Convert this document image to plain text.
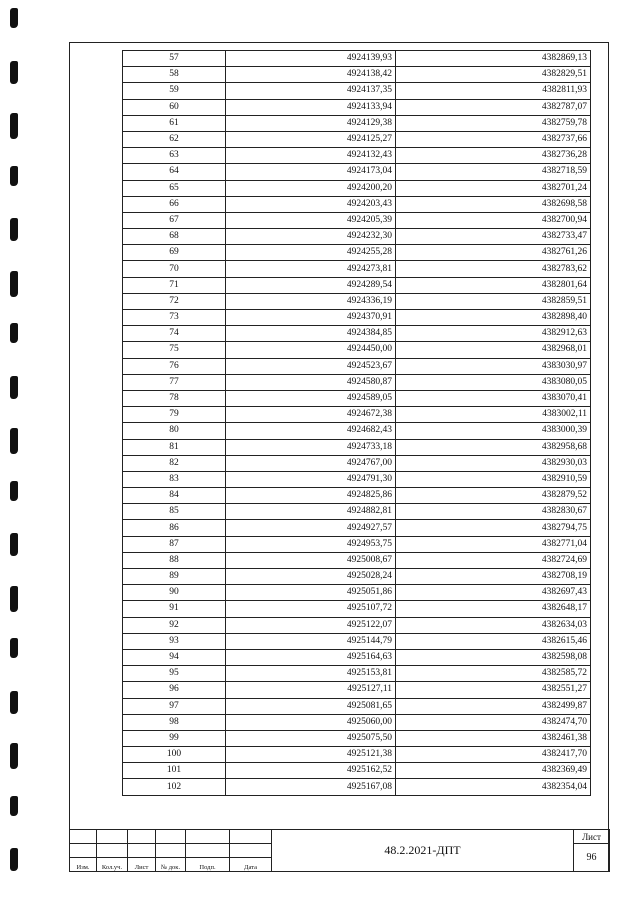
57	4924139,93	4382869,13
58	4924138,42	4382829,51
59	4924137,35	4382811,93
60	4924133,94	4382787,07
61	4924129,38	4382759,78
62	4924125,27	4382737,66
63	4924132,43	4382736,28
64	4924173,04	4382718,59
65	4924200,20	4382701,24
66	4924203,43	4382698,58
67	4924205,39	4382700,94
68	4924232,30	4382733,47
69	4924255,28	4382761,26
70	4924273,81	4382783,62
71	4924289,54	4382801,64
72	4924336,19	4382859,51
73	4924370,91	4382898,40
74	4924384,85	4382912,63
75	4924450,00	4382968,01
76	4924523,67	4383030,97
77	4924580,87	4383080,05
78	4924589,05	4383070,41
79	4924672,38	4383002,11
80	4924682,43	4383000,39
81	4924733,18	4382958,68
82	4924767,00	4382930,03
83	4924791,30	4382910,59
84	4924825,86	4382879,52
85	4924882,81	4382830,67
86	4924927,57	4382794,75
87	4924953,75	4382771,04
88	4925008,67	4382724,69
89	4925028,24	4382708,19
90	4925051,86	4382697,43
91	4925107,72	4382648,17
92	4925122,07	4382634,03
93	4925144,79	4382615,46
94	4925164,63	4382598,08
95	4925153,81	4382585,72
96	4925127,11	4382551,27
97	4925081,65	4382499,87
98	4925060,00	4382474,70
99	4925075,50	4382461,38
100	4925121,38	4382417,70
101	4925162,52	4382369,49
102	4925167,08	4382354,04
						48.2.2021-ДПТ	Лист
							96
Изм.	Кол.уч.	Лист	№ док.	Подп.	Дата		
